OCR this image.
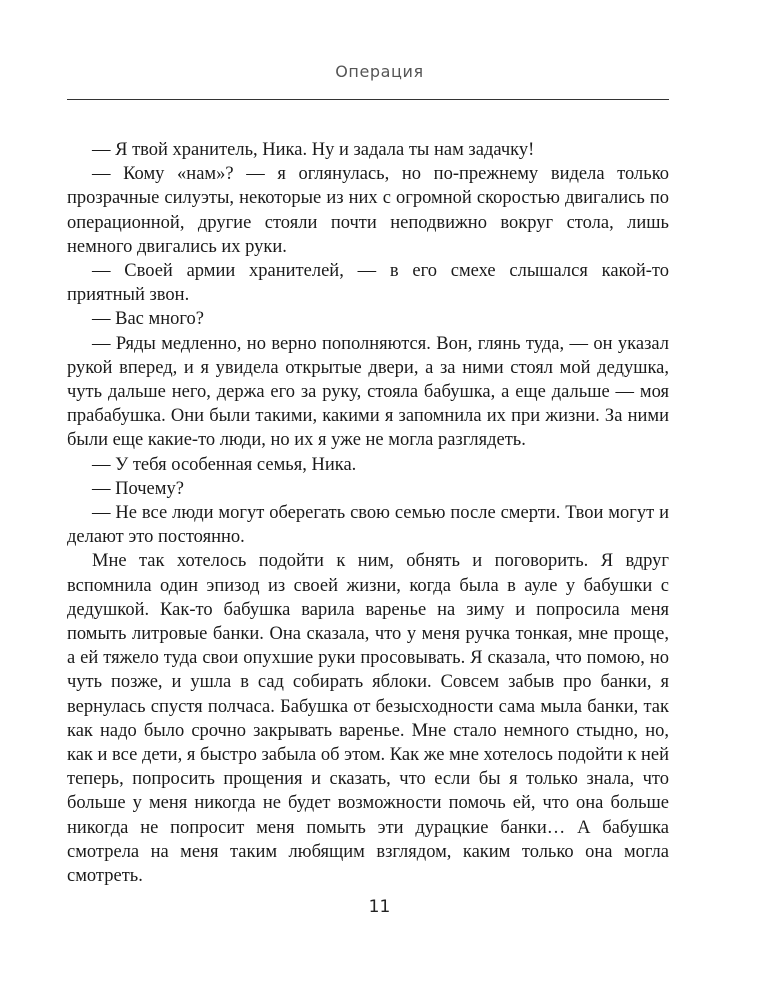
Операция

— Я твой хранитель, Ника. Ну и задала ты нам задачку!

— Кому «нам»? — я оглянулась, но по-прежнему видела только прозрачные силуэты, некоторые из них с огромной скоростью двигались по операционной, другие стояли почти неподвижно вокруг стола, лишь немного двигались их руки.

— Своей армии хранителей, — в его смехе слышался какой-то приятный звон.

— Вас много?

— Ряды медленно, но верно пополняются. Вон, глянь туда, — он указал рукой вперед, и я увидела открытые двери, а за ними стоял мой дедушка, чуть дальше него, держа его за руку, стояла бабушка, а еще дальше — моя прабабушка. Они были такими, какими я запомнила их при жизни. За ними были еще какие-то люди, но их я уже не могла разглядеть.

— У тебя особенная семья, Ника.

— Почему?

— Не все люди могут оберегать свою семью после смерти. Твои могут и делают это постоянно.

Мне так хотелось подойти к ним, обнять и поговорить. Я вдруг вспомнила один эпизод из своей жизни, когда была в ауле у бабушки с дедушкой. Как-то бабушка варила варенье на зиму и попросила меня помыть литровые банки. Она сказала, что у меня ручка тонкая, мне проще, а ей тяжело туда свои опухшие руки просовывать. Я сказала, что помою, но чуть позже, и ушла в сад собирать яблоки. Совсем забыв про банки, я вернулась спустя полчаса. Бабушка от безысходности сама мыла банки, так как надо было срочно закрывать варенье. Мне стало немного стыдно, но, как и все дети, я быстро забыла об этом. Как же мне хотелось подойти к ней теперь, попросить прощения и сказать, что если бы я только знала, что больше у меня никогда не будет возможности помочь ей, что она больше никогда не попросит меня помыть эти дурацкие банки… А бабушка смотрела на меня таким любящим взглядом, каким только она могла смотреть.

11
